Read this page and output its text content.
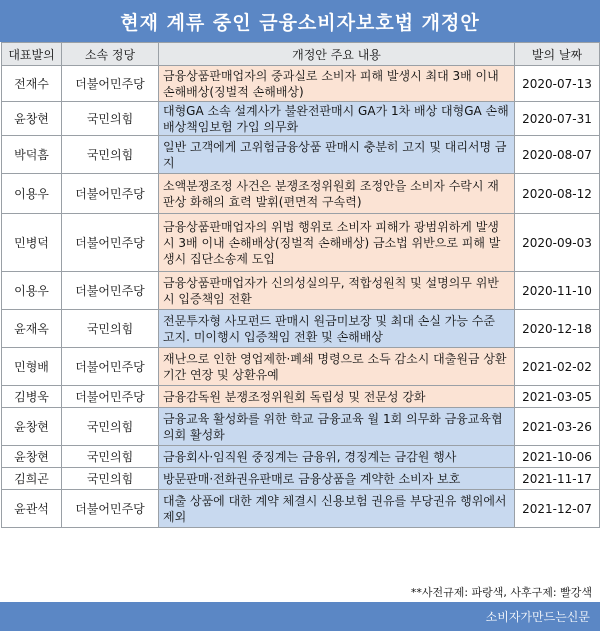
현재 계류 중인 금융소비자보호법 개정안
대표발의	소속 정당	개정안 주요 내용	발의 날짜
전재수	더불어민주당	금융상품판매업자의 중과실로 소비자 피해 발생시 최대 3배 이내 손해배상(징벌적 손해배상)	2020-07-13
윤창현	국민의힘	대형GA 소속 설계사가 불완전판매시 GA가 1차 배상 대형GA 손해배상책임보험 가입 의무화	2020-07-31
박덕흠	국민의힘	일반 고객에게 고위험금융상품 판매시 충분히 고지 및 대리서명 금지	2020-08-07
이용우	더불어민주당	소액분쟁조정 사건은 분쟁조정위원회 조정안을 소비자 수락시 재판상 화해의 효력 발휘(편면적 구속력)	2020-08-12
민병덕	더불어민주당	금융상품판매업자의 위법 행위로 소비자 피해가 광범위하게 발생시 3배 이내 손해배상(징벌적 손해배상) 금소법 위반으로 피해 발생시 집단소송제 도입	2020-09-03
이용우	더불어민주당	금융상품판매업자가 신의성실의무, 적합성원칙 및 설명의무 위반시 입증책임 전환	2020-11-10
윤재옥	국민의힘	전문투자형 사모펀드 판매시 원금미보장 및 최대 손실 가능 수준 고지. 미이행시 입증책임 전환 및 손해배상	2020-12-18
민형배	더불어민주당	재난으로 인한 영업제한·폐쇄 명령으로 소득 감소시 대출원금 상환기간 연장 및 상환유예	2021-02-02
김병욱	더불어민주당	금융감독원 분쟁조정위원회 독립성 및 전문성 강화	2021-03-05
윤창현	국민의힘	금융교육 활성화를 위한 학교 금융교육 월 1회 의무화 금융교육협의회 활성화	2021-03-26
윤창현	국민의힘	금융회사·임직원 중징계는 금융위, 경징계는 금감원 행사	2021-10-06
김희곤	국민의힘	방문판매·전화권유판매로 금융상품을 계약한 소비자 보호	2021-11-17
윤관석	더불어민주당	대출 상품에 대한 계약 체결시 신용보험 권유를 부당권유 행위에서 제외	2021-12-07
**사전규제: 파랑색, 사후구제: 빨강색
소비자가만드는신문
